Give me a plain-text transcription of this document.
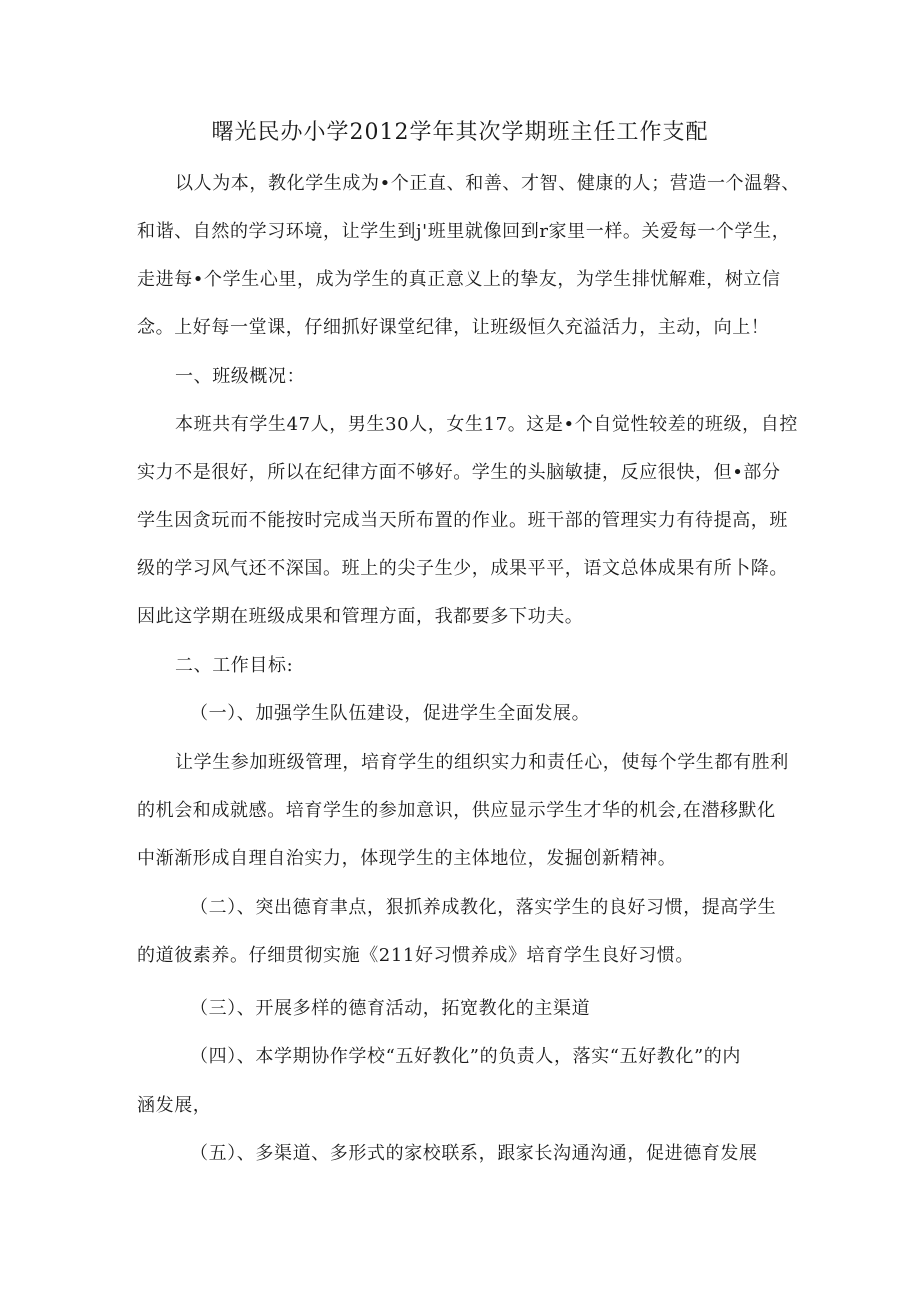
曙光民办小学2012学年其次学期班主任工作支配
以人为本，教化学生成为•个正直、和善、才智、健康的人；营造一个温磐、
和谐、自然的学习环境，让学生到j'班里就像回到r家里一样。关爱每一个学生，
走进每•个学生心里，成为学生的真正意义上的挚友，为学生排忧解难，树立信
念。上好每一堂课，仔细抓好课堂纪律，让班级恒久充溢活力，主动，向上！
一、班级概况：
本班共有学生47人，男生30人，女生17。这是•个自觉性较差的班级，自控
实力不是很好，所以在纪律方面不够好。学生的头脑敏捷，反应很快，但•部分
学生因贪玩而不能按时完成当天所布置的作业。班干部的管理实力有待提高，班
级的学习风气还不深国。班上的尖子生少，成果平平，语文总体成果有所卜降。
因此这学期在班级成果和管理方面，我都要多下功夫。
二、工作目标:
（一）、加强学生队伍建设，促进学生全面发展。
让学生参加班级管理，培育学生的组织实力和责任心，使每个学生都有胜利
的机会和成就感。培育学生的参加意识，供应显示学生才华的机会,在潜移默化
中渐渐形成自理自治实力，体现学生的主体地位，发掘创新精神。
（二）、突出德育聿点，狠抓养成教化，落实学生的良好习惯，提高学生
的道彼素养。仔细贯彻实施《211好习惯养成》培育学生良好习惯。
（三）、开展多样的德育活动，拓宽教化的主渠道
（四）、本学期协作学校“五好教化”的负责人，落实“五好教化”的内
涵发展，
（五）、多渠道、多形式的家校联系，跟家长沟通沟通，促进德育发展
